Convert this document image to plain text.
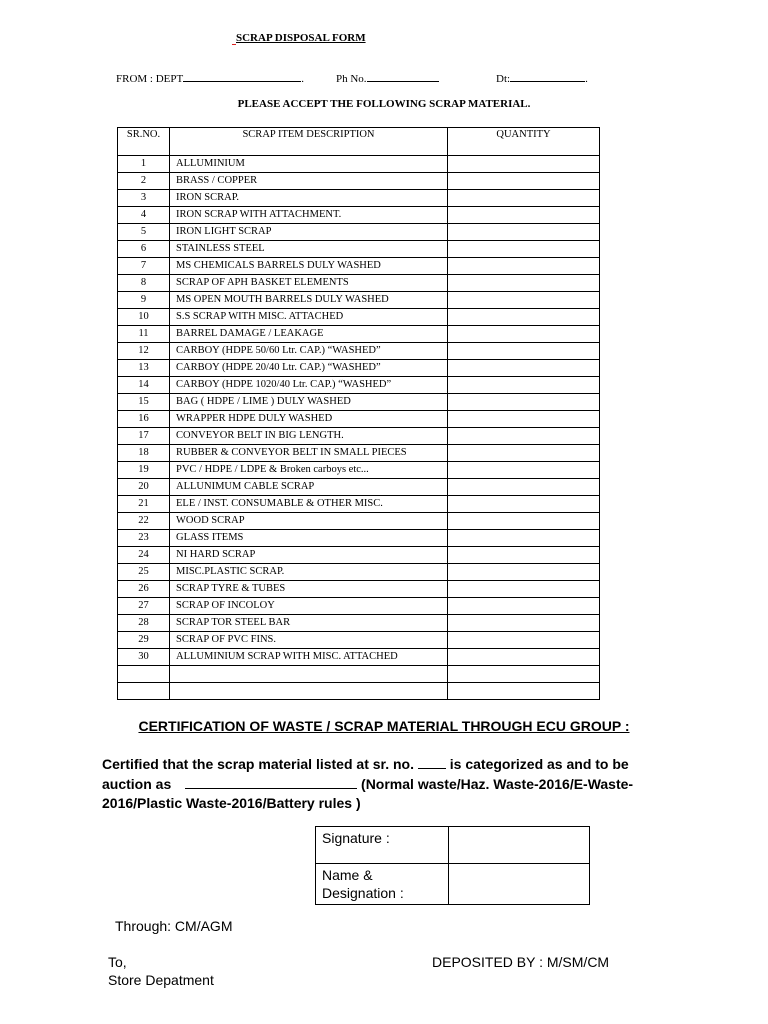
SCRAP DISPOSAL FORM
FROM : DEPT	.	Ph No.	Dt:	.
PLEASE ACCEPT THE FOLLOWING SCRAP MATERIAL.
SR.NO.	SCRAP ITEM DESCRIPTION	QUANTITY
1	ALLUMINIUM	
2	BRASS / COPPER	
3	IRON SCRAP.	
4	IRON SCRAP WITH ATTACHMENT.	
5	IRON LIGHT SCRAP	
6	STAINLESS STEEL	
7	MS CHEMICALS BARRELS DULY WASHED	
8	SCRAP OF APH BASKET ELEMENTS	
9	MS OPEN MOUTH BARRELS DULY WASHED	
10	S.S SCRAP WITH MISC. ATTACHED	
11	BARREL DAMAGE / LEAKAGE	
12	CARBOY (HDPE 50/60 Ltr. CAP.) “WASHED”	
13	CARBOY (HDPE 20/40 Ltr. CAP.) “WASHED”	
14	CARBOY (HDPE 1020/40 Ltr. CAP.) “WASHED”	
15	BAG ( HDPE / LIME ) DULY WASHED	
16	WRAPPER HDPE DULY WASHED	
17	CONVEYOR BELT IN BIG LENGTH.	
18	RUBBER & CONVEYOR BELT IN SMALL PIECES	
19	PVC / HDPE / LDPE & Broken carboys etc...	
20	ALLUNIMUM CABLE SCRAP	
21	ELE / INST. CONSUMABLE & OTHER MISC.	
22	WOOD SCRAP	
23	GLASS ITEMS	
24	NI HARD SCRAP	
25	MISC.PLASTIC SCRAP.	
26	SCRAP TYRE & TUBES	
27	SCRAP OF INCOLOY	
28	SCRAP TOR STEEL BAR	
29	SCRAP OF PVC FINS.	
30	ALLUMINIUM SCRAP WITH MISC. ATTACHED	

CERTIFICATION OF WASTE / SCRAP MATERIAL THROUGH ECU GROUP :
Certified that the scrap material listed at sr. no.	is categorized as and to be auction as	(Normal waste/Haz. Waste-2016/E-Waste-2016/Plastic Waste-2016/Battery rules )
Signature :	
Name & Designation :	
Through: CM/AGM
To,
Store Depatment
DEPOSITED BY : M/SM/CM
